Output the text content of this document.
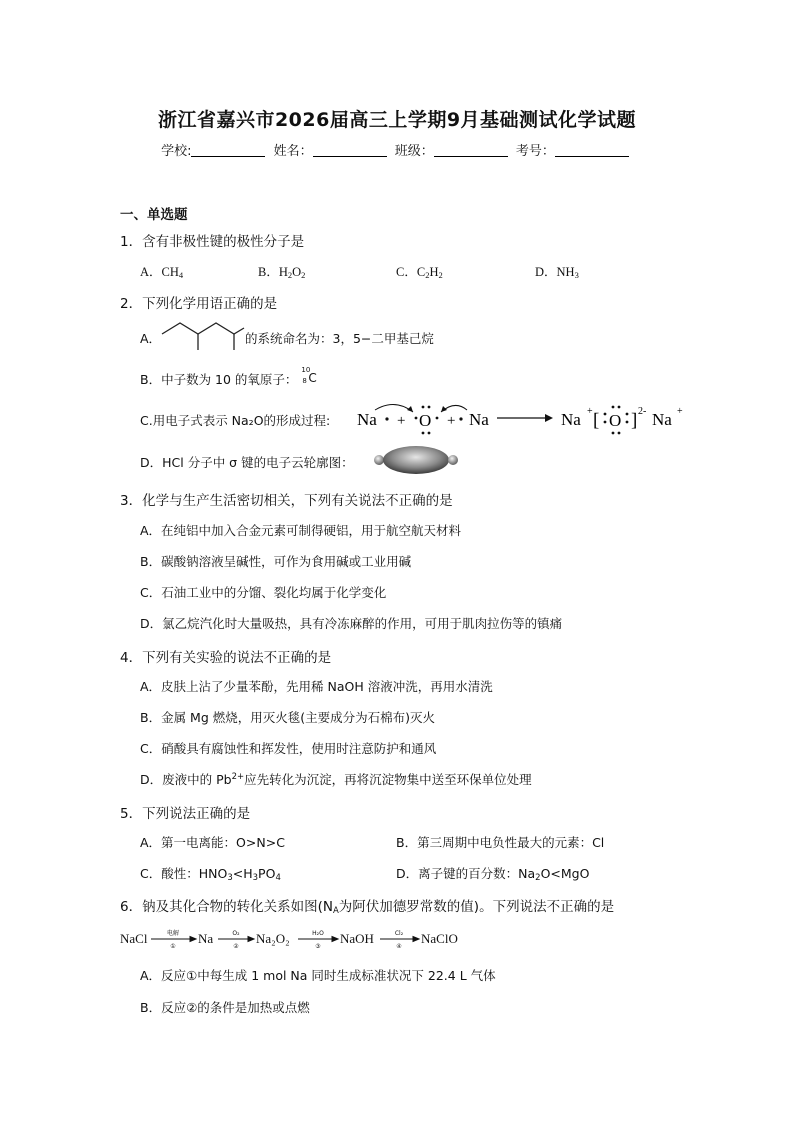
浙江省嘉兴市2026届高三上学期9月基础测试化学试题
学校:	姓名：	班级：	考号：
一、单选题
1．含有非极性键的极性分子是
A．$CH_4$	B．$H_2O_2$	C．$C_2H_2$	D．$NH_3$
2．下列化学用语正确的是
A．	的系统命名为：3，5−二甲基己烷
B．中子数为 10 的氧原子：
10
8 C
C.用电子式表示 Na₂O的形成过程: Na + O + Na	Na + [ O ] 2- Na +
D．HCl 分子中 σ 键的电子云轮廓图：
3．化学与生产生活密切相关，下列有关说法不正确的是
A．在纯铝中加入合金元素可制得硬铝，用于航空航天材料
B．碳酸钠溶液呈碱性，可作为食用碱或工业用碱
C．石油工业中的分馏、裂化均属于化学变化
D．氯乙烷汽化时大量吸热，具有冷冻麻醉的作用，可用于肌肉拉伤等的镇痛
4．下列有关实验的说法不正确的是
A．皮肤上沾了少量苯酚，先用稀 NaOH 溶液冲洗，再用水清洗
B．金属 Mg 燃烧，用灭火毯(主要成分为石棉布)灭火
C．硝酸具有腐蚀性和挥发性，使用时注意防护和通风
D．废液中的 $Pb^{2+}$应先转化为沉淀，再将沉淀物集中送至环保单位处理
5．下列说法正确的是
A．第一电离能：O>N>C	B．第三周期中电负性最大的元素：Cl
C．酸性：$HNO_3<H_3PO_4$	D．离子键的百分数：$Na_2O<MgO$
6．钠及其化合物的转化关系如图($N_A$为阿伏加德罗常数的值)。下列说法不正确的是
NaCl	Na	Na₂O₂	NaOH	NaClO
电解	O₂	H₂O	Cl₂
①	②	③	④
A．反应①中每生成 1 mol Na 同时生成标准状况下 22.4 L 气体
B．反应②的条件是加热或点燃
